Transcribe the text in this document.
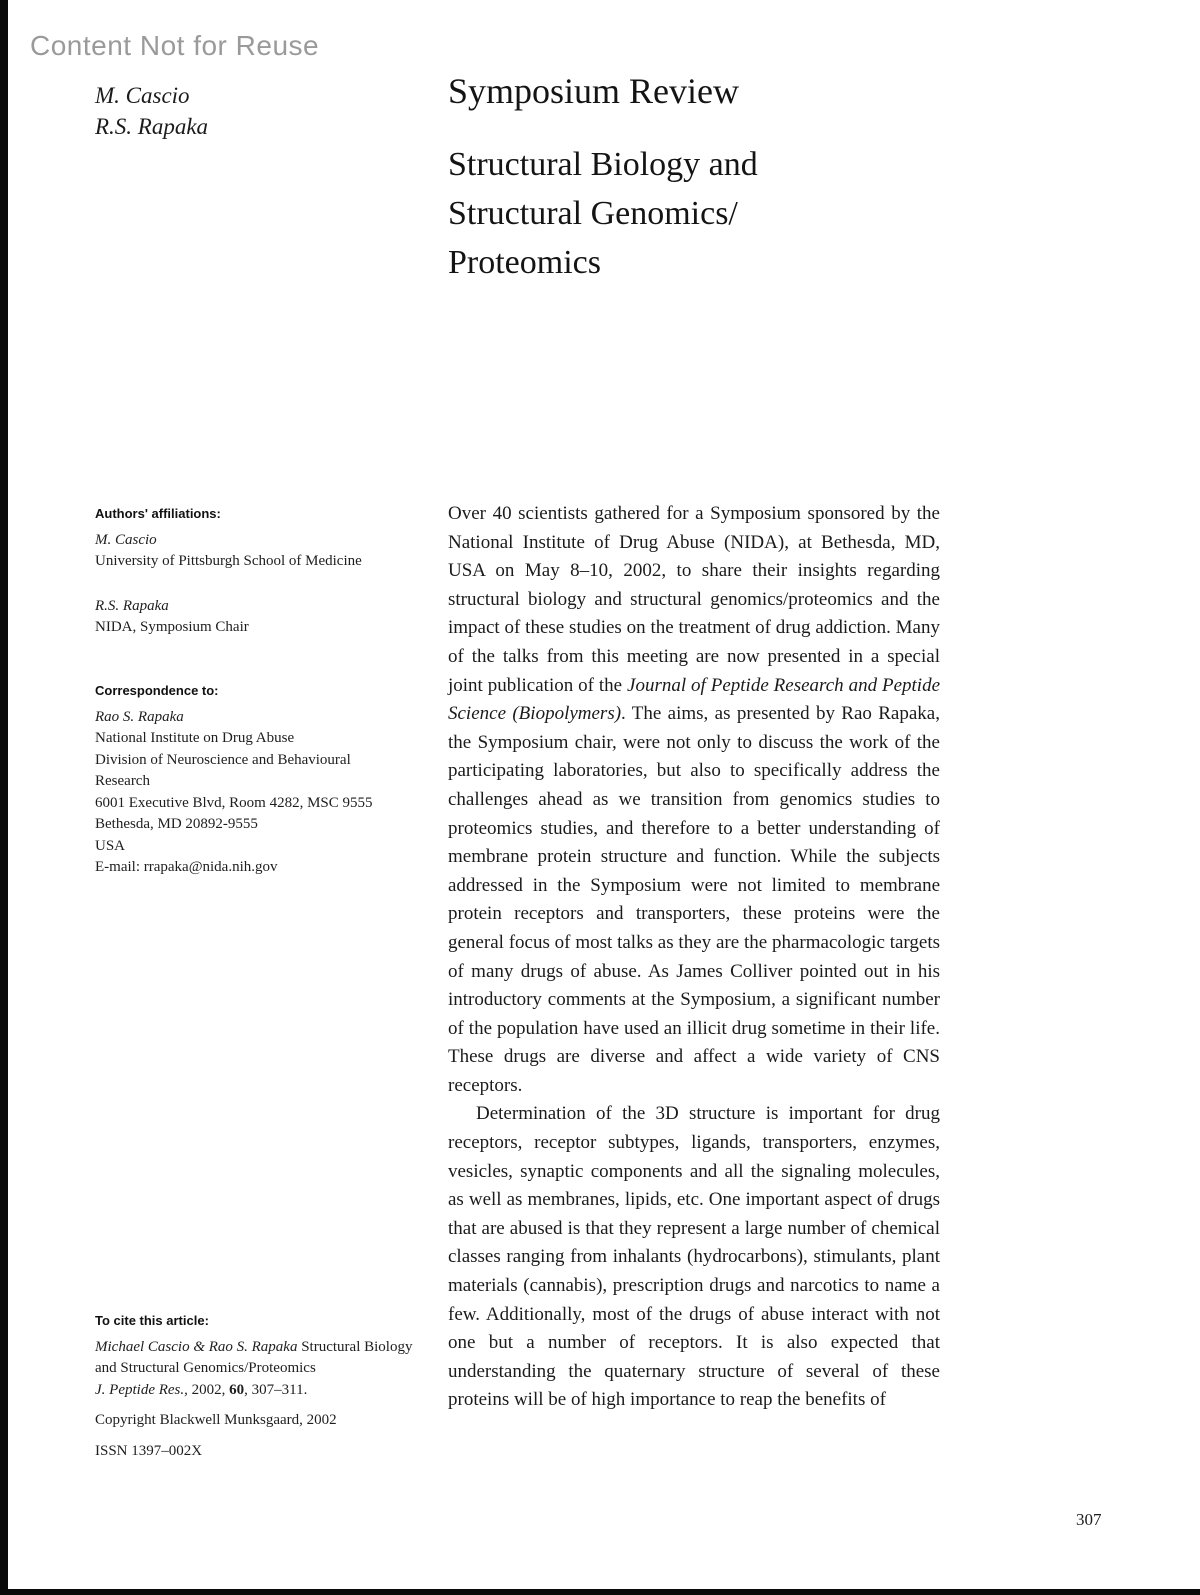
Content Not for Reuse
M. Cascio
R.S. Rapaka
Symposium Review
Structural Biology and
Structural Genomics/
Proteomics
Authors' affiliations:
M. Cascio
University of Pittsburgh School of Medicine
R.S. Rapaka
NIDA, Symposium Chair
Correspondence to:
Rao S. Rapaka
National Institute on Drug Abuse
Division of Neuroscience and Behavioural
Research
6001 Executive Blvd, Room 4282, MSC 9555
Bethesda, MD 20892-9555
USA
E-mail: rrapaka@nida.nih.gov
To cite this article:
Michael Cascio & Rao S. Rapaka Structural Biology and Structural Genomics/Proteomics
J. Peptide Res., 2002, 60, 307–311.
Copyright Blackwell Munksgaard, 2002
ISSN 1397–002X

Over 40 scientists gathered for a Symposium sponsored by the National Institute of Drug Abuse (NIDA), at Bethesda, MD, USA on May 8–10, 2002, to share their insights regarding structural biology and structural genomics/proteomics and the impact of these studies on the treatment of drug addiction. Many of the talks from this meeting are now presented in a special joint publication of the Journal of Peptide Research and Peptide Science (Biopolymers). The aims, as presented by Rao Rapaka, the Symposium chair, were not only to discuss the work of the participating laboratories, but also to specifically address the challenges ahead as we transition from genomics studies to proteomics studies, and therefore to a better understanding of membrane protein structure and function. While the subjects addressed in the Symposium were not limited to membrane protein receptors and transporters, these proteins were the general focus of most talks as they are the pharmacologic targets of many drugs of abuse. As James Colliver pointed out in his introductory comments at the Symposium, a significant number of the population have used an illicit drug sometime in their life. These drugs are diverse and affect a wide variety of CNS receptors.

Determination of the 3D structure is important for drug receptors, receptor subtypes, ligands, transporters, enzymes, vesicles, synaptic components and all the signaling molecules, as well as membranes, lipids, etc. One important aspect of drugs that are abused is that they represent a large number of chemical classes ranging from inhalants (hydrocarbons), stimulants, plant materials (cannabis), prescription drugs and narcotics to name a few. Additionally, most of the drugs of abuse interact with not one but a number of receptors. It is also expected that understanding the quaternary structure of several of these proteins will be of high importance to reap the benefits of

307
